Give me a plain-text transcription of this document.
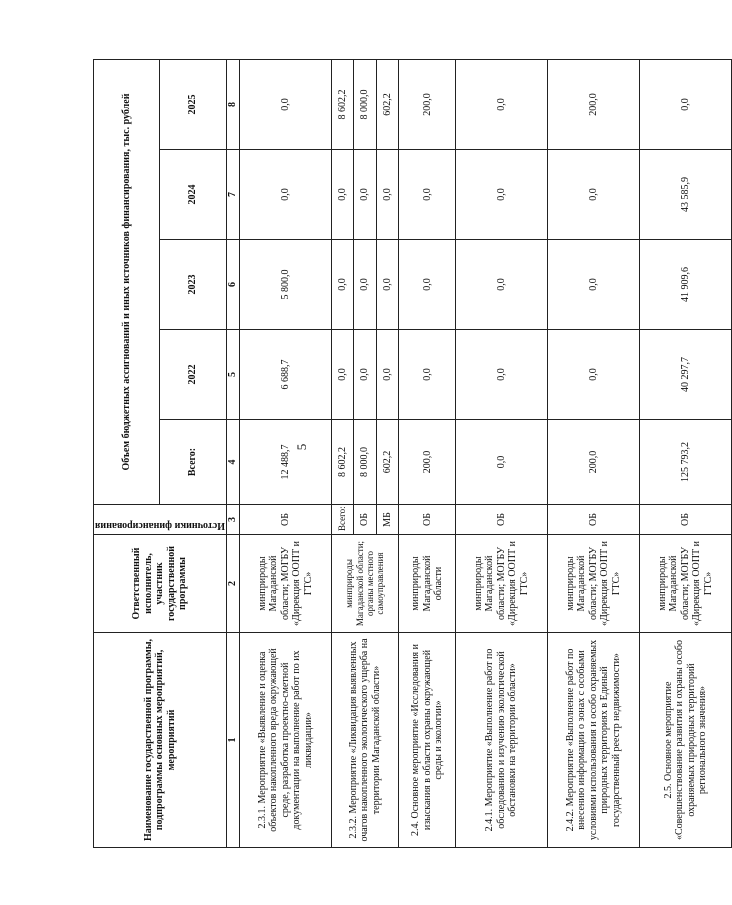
5
Наименование государственной программы, подпрограммы основных мероприятий, мероприятий	Ответственный исполнитель, участник государственной программы	Источники финансирования	Объем бюджетных ассигнований и иных источников финансирования, тыс. рублей				
			Всего:	2022	2023	2024	2025
1	2	3	4	5	6	7	8
2.3.1. Мероприятие «Выявление и оценка объектов накопленного вреда окружающей среде, разработка проектно-сметной документации на выполнение работ по их ликвидации»	минприроды Магаданской области; МОГБУ «Дирекция ООПТ и ГТС»	ОБ	12 488,7	6 688,7	5 800,0	0,0	0,0
2.3.2. Мероприятие «Ликвидация выявленных очагов накопленного экологического ущерба на территории Магаданской области»	минприроды Магаданской области; органы местного самоуправления	Всего:	8 602,2	0,0	0,0	0,0	8 602,2
		ОБ	8 000,0	0,0	0,0	0,0	8 000,0
		МБ	602,2	0,0	0,0	0,0	602,2
2.4. Основное мероприятие «Исследования и изыскания в области охраны окружающей среды и экологии»	минприроды Магаданской области	ОБ	200,0	0,0	0,0	0,0	200,0
2.4.1. Мероприятие «Выполнение работ по обследованию и изучению экологической обстановки на территории области»	минприроды Магаданской области; МОГБУ «Дирекция ООПТ и ГТС»	ОБ	0,0	0,0	0,0	0,0	0,0
2.4.2. Мероприятие «Выполнение работ по внесению информации о зонах с особыми условиями использования и особо охраняемых природных территориях в Единый государственный реестр недвижимости»	минприроды Магаданской области; МОГБУ «Дирекция ООПТ и ГТС»	ОБ	200,0	0,0	0,0	0,0	200,0
2.5. Основное мероприятие «Совершенствование развития и охраны особо охраняемых природных территорий регионального значения»	минприроды Магаданской области; МОГБУ «Дирекция ООПТ и ГТС»	ОБ	125 793,2	40 297,7	41 909,6	43 585,9	0,0
